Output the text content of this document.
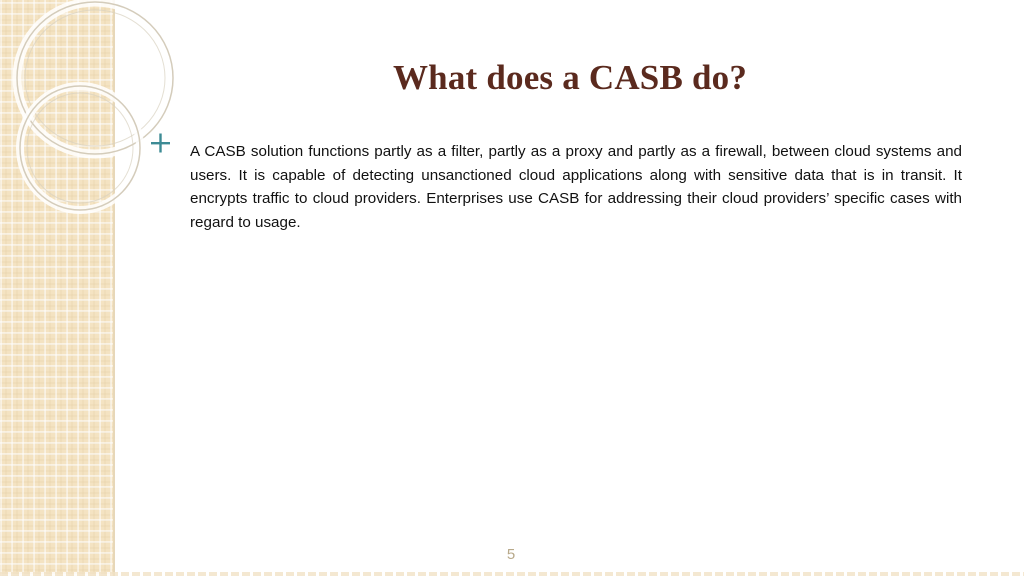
What does a CASB do?

A CASB solution functions partly as a filter, partly as a proxy and partly as a firewall, between cloud systems and users. It is capable of detecting unsanctioned cloud applications along with sensitive data that is in transit. It encrypts traffic to cloud providers. Enterprises use CASB for addressing their cloud providers’ specific cases with regard to usage.

5
